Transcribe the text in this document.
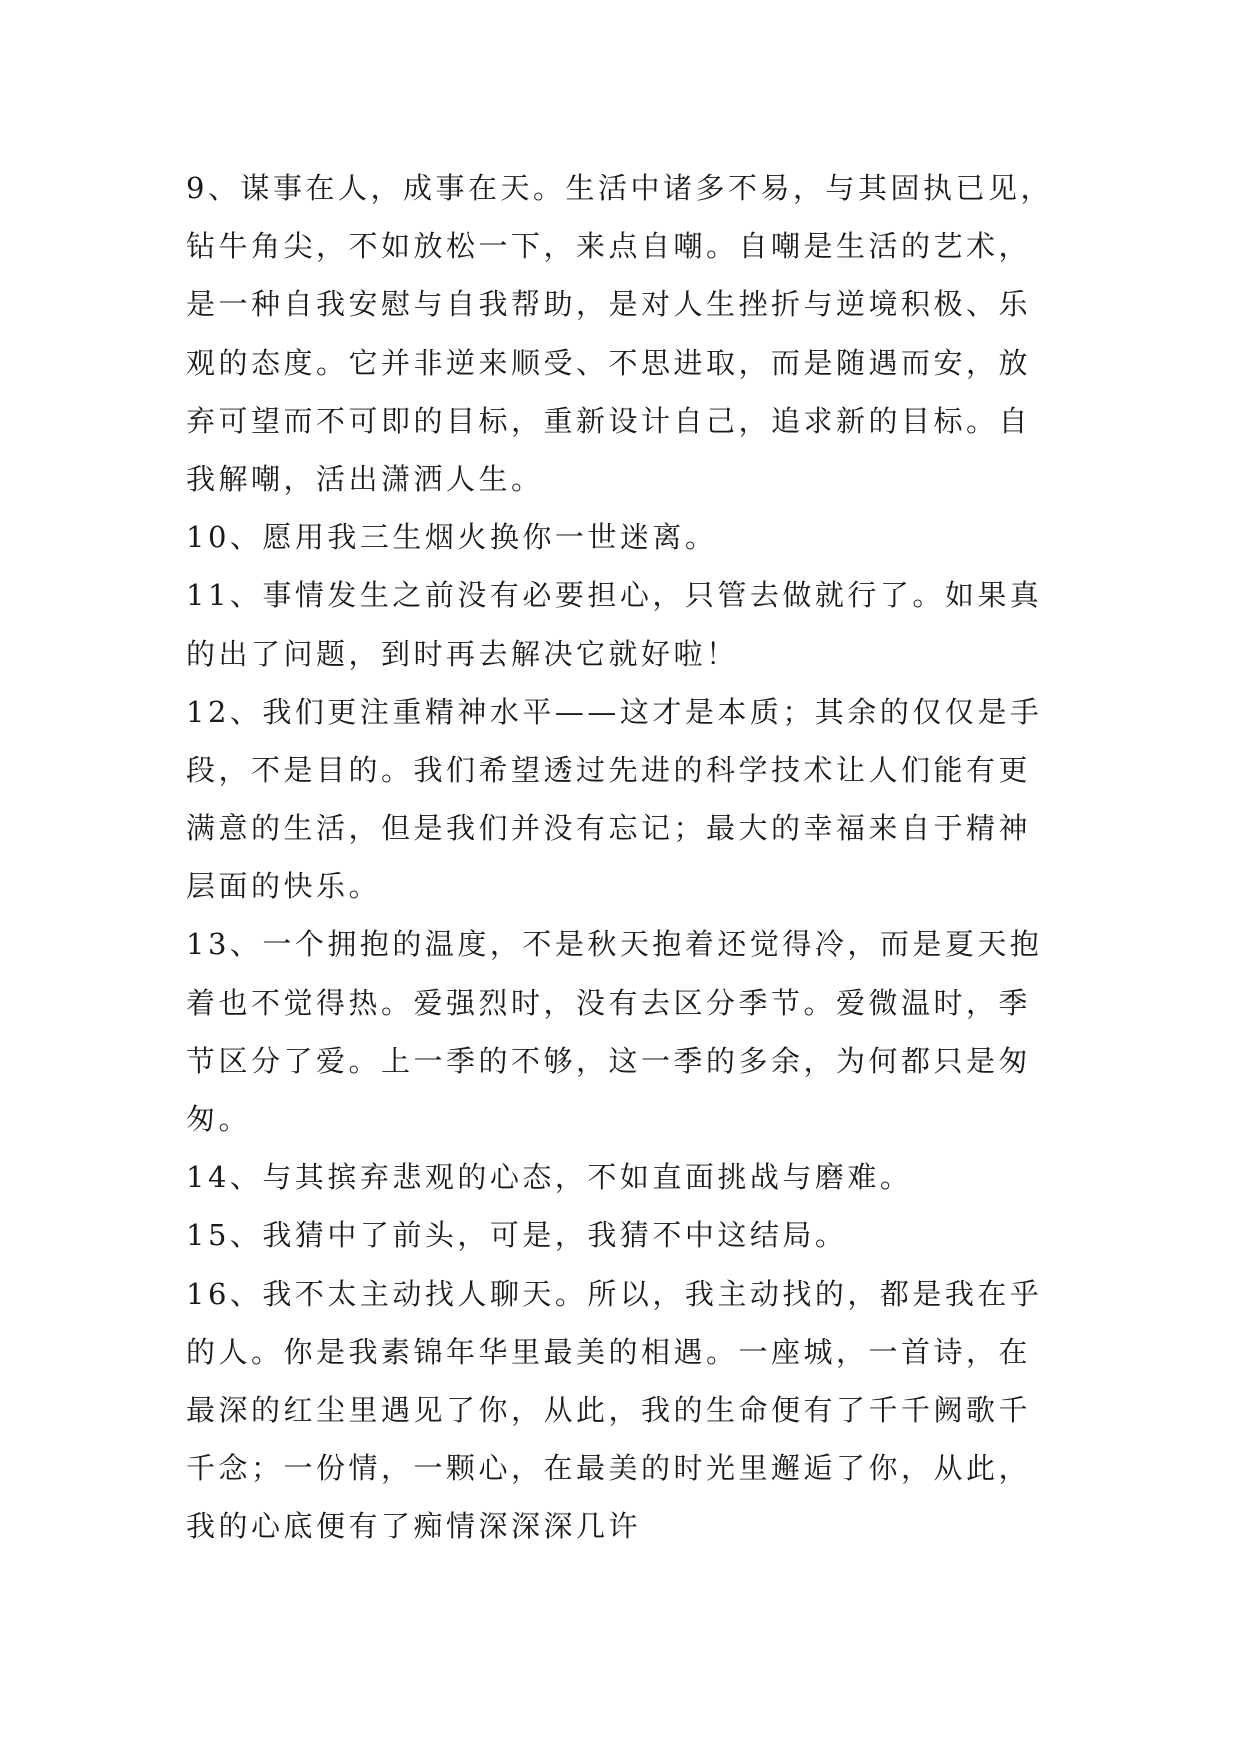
9、谋事在人，成事在天。生活中诸多不易，与其固执已见，
钻牛角尖，不如放松一下，来点自嘲。自嘲是生活的艺术，
是一种自我安慰与自我帮助，是对人生挫折与逆境积极、乐
观的态度。它并非逆来顺受、不思进取，而是随遇而安，放
弃可望而不可即的目标，重新设计自己，追求新的目标。自
我解嘲，活出潇洒人生。
10、愿用我三生烟火换你一世迷离。
11、事情发生之前没有必要担心，只管去做就行了。如果真
的出了问题，到时再去解决它就好啦！
12、我们更注重精神水平——这才是本质；其余的仅仅是手
段，不是目的。我们希望透过先进的科学技术让人们能有更
满意的生活，但是我们并没有忘记；最大的幸福来自于精神
层面的快乐。
13、一个拥抱的温度，不是秋天抱着还觉得冷，而是夏天抱
着也不觉得热。爱强烈时，没有去区分季节。爱微温时，季
节区分了爱。上一季的不够，这一季的多余，为何都只是匆
匆。
14、与其摈弃悲观的心态，不如直面挑战与磨难。
15、我猜中了前头，可是，我猜不中这结局。
16、我不太主动找人聊天。所以，我主动找的，都是我在乎
的人。你是我素锦年华里最美的相遇。一座城，一首诗，在
最深的红尘里遇见了你，从此，我的生命便有了千千阙歌千
千念；一份情，一颗心，在最美的时光里邂逅了你，从此，
我的心底便有了痴情深深深几许
